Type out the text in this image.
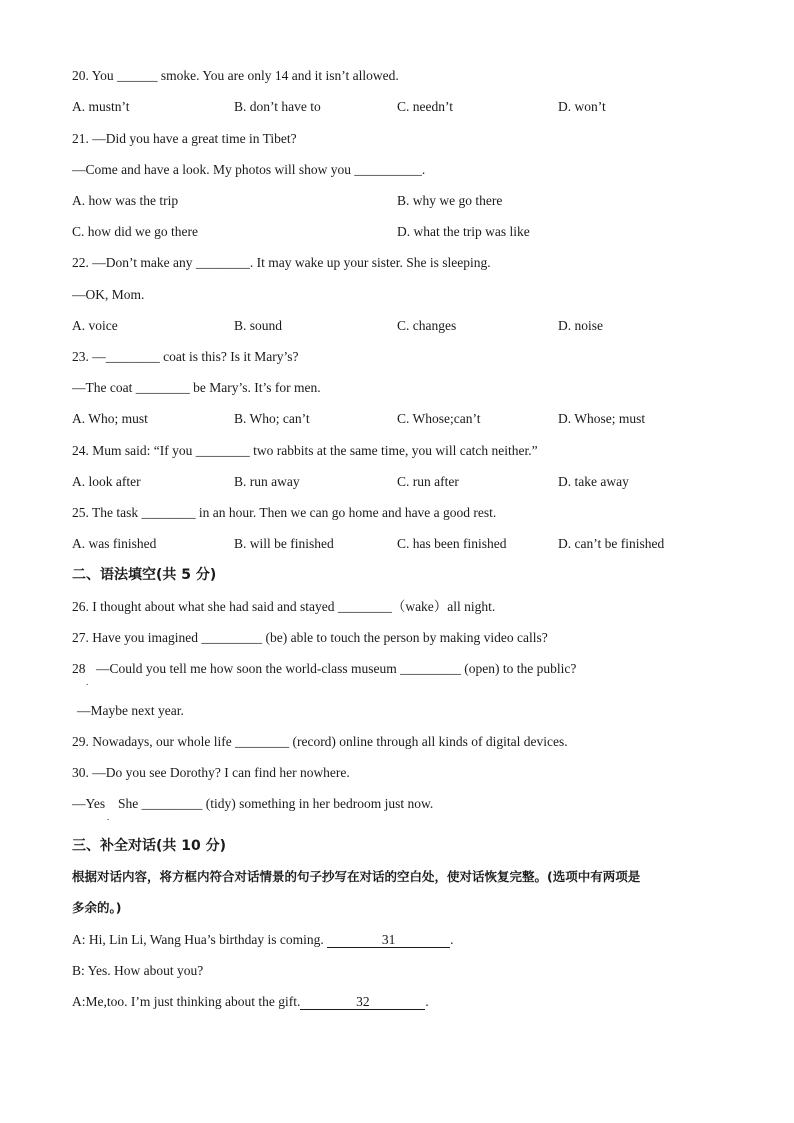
20. You ______ smoke. You are only 14 and it isn’t allowed.
A. mustn’t	B. don’t have to	C. needn’t	D. won’t
21. —Did you have a great time in Tibet?
—Come and have a look. My photos will show you __________.
A. how was the trip	B. why we go there
C. how did we go there	D. what the trip was like
22. —Don’t make any ________. It may wake up your sister. She is sleeping.
—OK, Mom.
A. voice	B. sound	C. changes	D. noise
23. —________ coat is this? Is it Mary’s?
—The coat ________ be Mary’s. It’s for men.
A. Who; must	B. Who; can’t	C. Whose;can’t	D. Whose; must
24. Mum said: “If you ________ two rabbits at the same time, you will catch neither.”
A. look after	B. run away	C. run after	D. take away
25. The task ________ in an hour. Then we can go home and have a good rest.
A. was finished	B. will be finished	C. has been finished	D. can’t be finished
二、语法填空(共 5 分)
26. I thought about what she had said and stayed ________（wake）all night.
27. Have you imagined _________ (be) able to touch the person by making video calls?
28
.
—Could you tell me how soon the world-class museum _________ (open) to the public?
—Maybe next year.
29. Nowadays, our whole life ________ (record) online through all kinds of digital devices.
30. —Do you see Dorothy? I can find her nowhere.
—Yes
.
She _________ (tidy) something in her bedroom just now.
三、补全对话(共 10 分)
根据对话内容，将方框内符合对话情景的句子抄写在对话的空白处，使对话恢复完整。(选项中有两项是
多余的。)
A: Hi, Lin Li, Wang Hua’s birthday is coming.	31	.
B: Yes. How about you?
A:Me,too. I’m just thinking about the gift.	32	.
